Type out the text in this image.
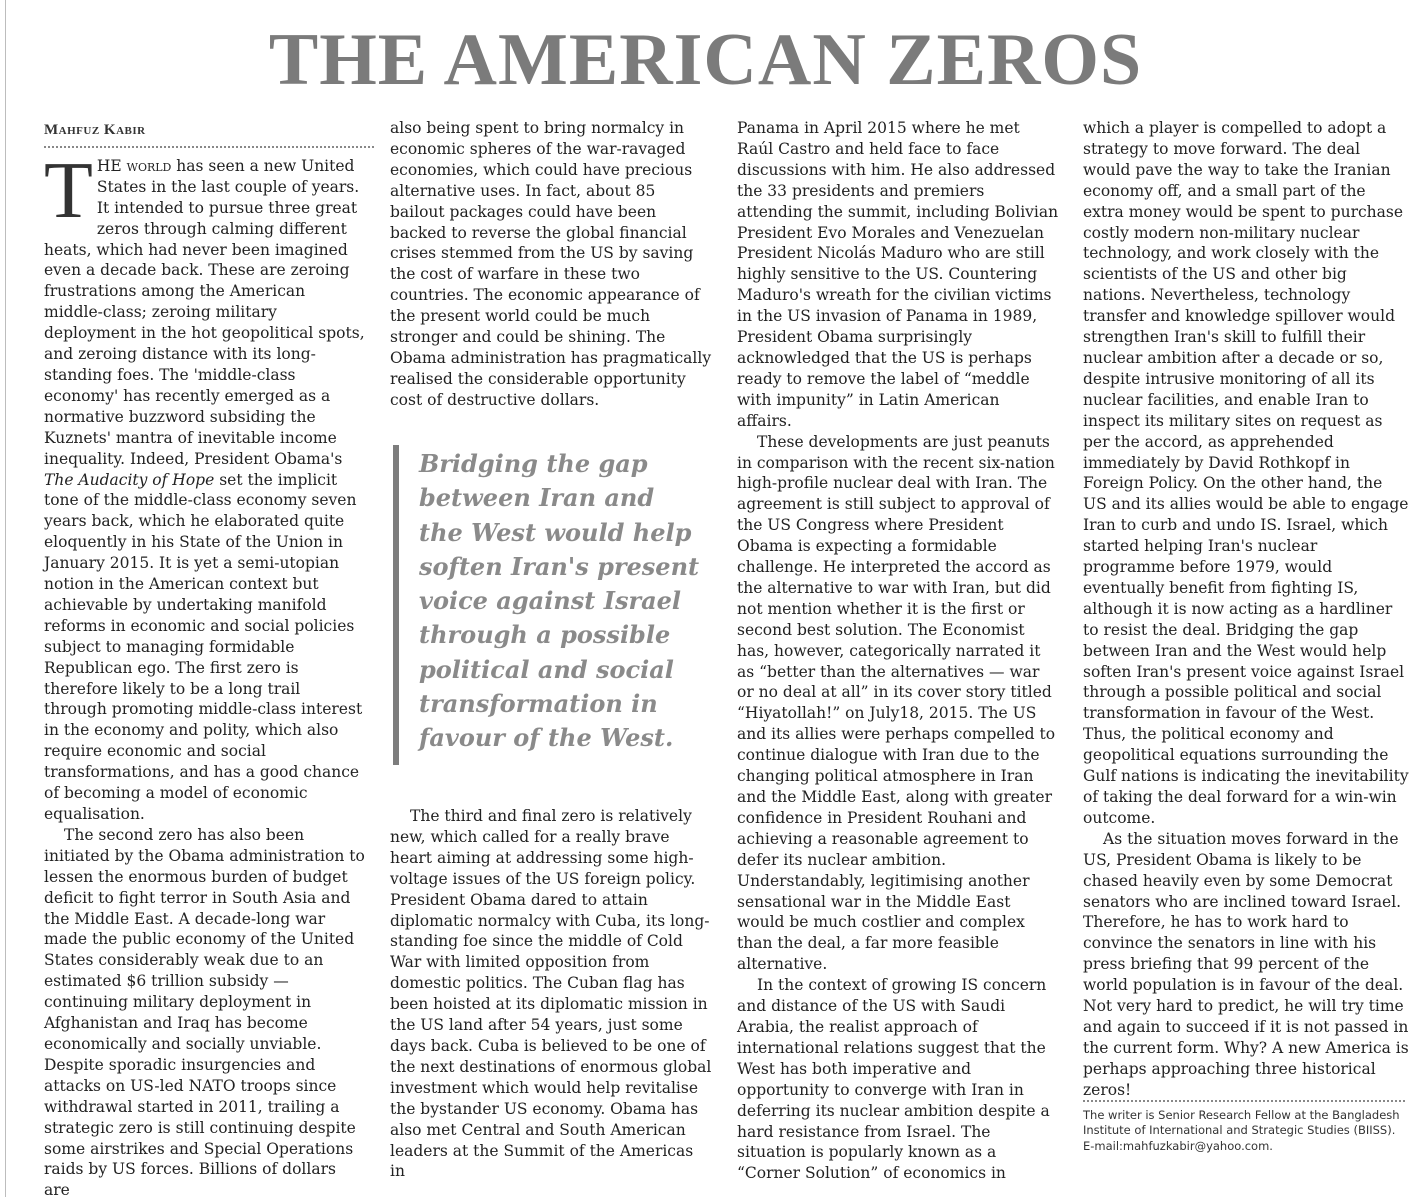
THE AMERICAN ZEROS
Mahfuz Kabir

THE world has seen a new United States in the last couple of years. It intended to pursue three great zeros through calming different heats, which had never been imagined even a decade back. These are zeroing frustrations among the American middle-class; zeroing military deployment in the hot geopolitical spots, and zeroing distance with its long-standing foes. The 'middle-class economy' has recently emerged as a normative buzzword subsiding the Kuznets' mantra of inevitable income inequality. Indeed, President Obama's The Audacity of Hope set the implicit tone of the middle-class economy seven years back, which he elaborated quite eloquently in his State of the Union in January 2015. It is yet a semi-utopian notion in the American context but achievable by undertaking manifold reforms in economic and social policies subject to managing formidable Republican ego. The first zero is therefore likely to be a long trail through promoting middle-class interest in the economy and polity, which also require economic and social transformations, and has a good chance of becoming a model of economic equalisation.

The second zero has also been initiated by the Obama administration to lessen the enormous burden of budget deficit to fight terror in South Asia and the Middle East. A decade-long war made the public economy of the United States considerably weak due to an estimated $6 trillion subsidy — continuing military deployment in Afghanistan and Iraq has become economically and socially unviable. Despite sporadic insurgencies and attacks on US-led NATO troops since withdrawal started in 2011, trailing a strategic zero is still continuing despite some airstrikes and Special Operations raids by US forces. Billions of dollars are

also being spent to bring normalcy in economic spheres of the war-ravaged economies, which could have precious alternative uses. In fact, about 85 bailout packages could have been backed to reverse the global financial crises stemmed from the US by saving the cost of warfare in these two countries. The economic appearance of the present world could be much stronger and could be shining. The Obama administration has pragmatically realised the considerable opportunity cost of destructive dollars.

Bridging the gap between Iran and the West would help soften Iran's present voice against Israel through a possible political and social transformation in favour of the West.

The third and final zero is relatively new, which called for a really brave heart aiming at addressing some high-voltage issues of the US foreign policy. President Obama dared to attain diplomatic normalcy with Cuba, its long-standing foe since the middle of Cold War with limited opposition from domestic politics. The Cuban flag has been hoisted at its diplomatic mission in the US land after 54 years, just some days back. Cuba is believed to be one of the next destinations of enormous global investment which would help revitalise the bystander US economy. Obama has also met Central and South American leaders at the Summit of the Americas in

Panama in April 2015 where he met Raúl Castro and held face to face discussions with him. He also addressed the 33 presidents and premiers attending the summit, including Bolivian President Evo Morales and Venezuelan President Nicolás Maduro who are still highly sensitive to the US. Countering Maduro's wreath for the civilian victims in the US invasion of Panama in 1989, President Obama surprisingly acknowledged that the US is perhaps ready to remove the label of “meddle with impunity” in Latin American affairs.

These developments are just peanuts in comparison with the recent six-nation high-profile nuclear deal with Iran. The agreement is still subject to approval of the US Congress where President Obama is expecting a formidable challenge. He interpreted the accord as the alternative to war with Iran, but did not mention whether it is the first or second best solution. The Economist has, however, categorically narrated it as “better than the alternatives — war or no deal at all” in its cover story titled “Hiyatollah!” on July18, 2015. The US and its allies were perhaps compelled to continue dialogue with Iran due to the changing political atmosphere in Iran and the Middle East, along with greater confidence in President Rouhani and achieving a reasonable agreement to defer its nuclear ambition. Understandably, legitimising another sensational war in the Middle East would be much costlier and complex than the deal, a far more feasible alternative.

In the context of growing IS concern and distance of the US with Saudi Arabia, the realist approach of international relations suggest that the West has both imperative and opportunity to converge with Iran in deferring its nuclear ambition despite a hard resistance from Israel. The situation is popularly known as a “Corner Solution” of economics in

which a player is compelled to adopt a strategy to move forward. The deal would pave the way to take the Iranian economy off, and a small part of the extra money would be spent to purchase costly modern non-military nuclear technology, and work closely with the scientists of the US and other big nations. Nevertheless, technology transfer and knowledge spillover would strengthen Iran's skill to fulfill their nuclear ambition after a decade or so, despite intrusive monitoring of all its nuclear facilities, and enable Iran to inspect its military sites on request as per the accord, as apprehended immediately by David Rothkopf in Foreign Policy. On the other hand, the US and its allies would be able to engage Iran to curb and undo IS. Israel, which started helping Iran's nuclear programme before 1979, would eventually benefit from fighting IS, although it is now acting as a hardliner to resist the deal. Bridging the gap between Iran and the West would help soften Iran's present voice against Israel through a possible political and social transformation in favour of the West. Thus, the political economy and geopolitical equations surrounding the Gulf nations is indicating the inevitability of taking the deal forward for a win-win outcome.

As the situation moves forward in the US, President Obama is likely to be chased heavily even by some Democrat senators who are inclined toward Israel. Therefore, he has to work hard to convince the senators in line with his press briefing that 99 percent of the world population is in favour of the deal. Not very hard to predict, he will try time and again to succeed if it is not passed in the current form. Why? A new America is perhaps approaching three historical zeros!

The writer is Senior Research Fellow at the Bangladesh Institute of International and Strategic Studies (BIISS).

E-mail:mahfuzkabir@yahoo.com.
